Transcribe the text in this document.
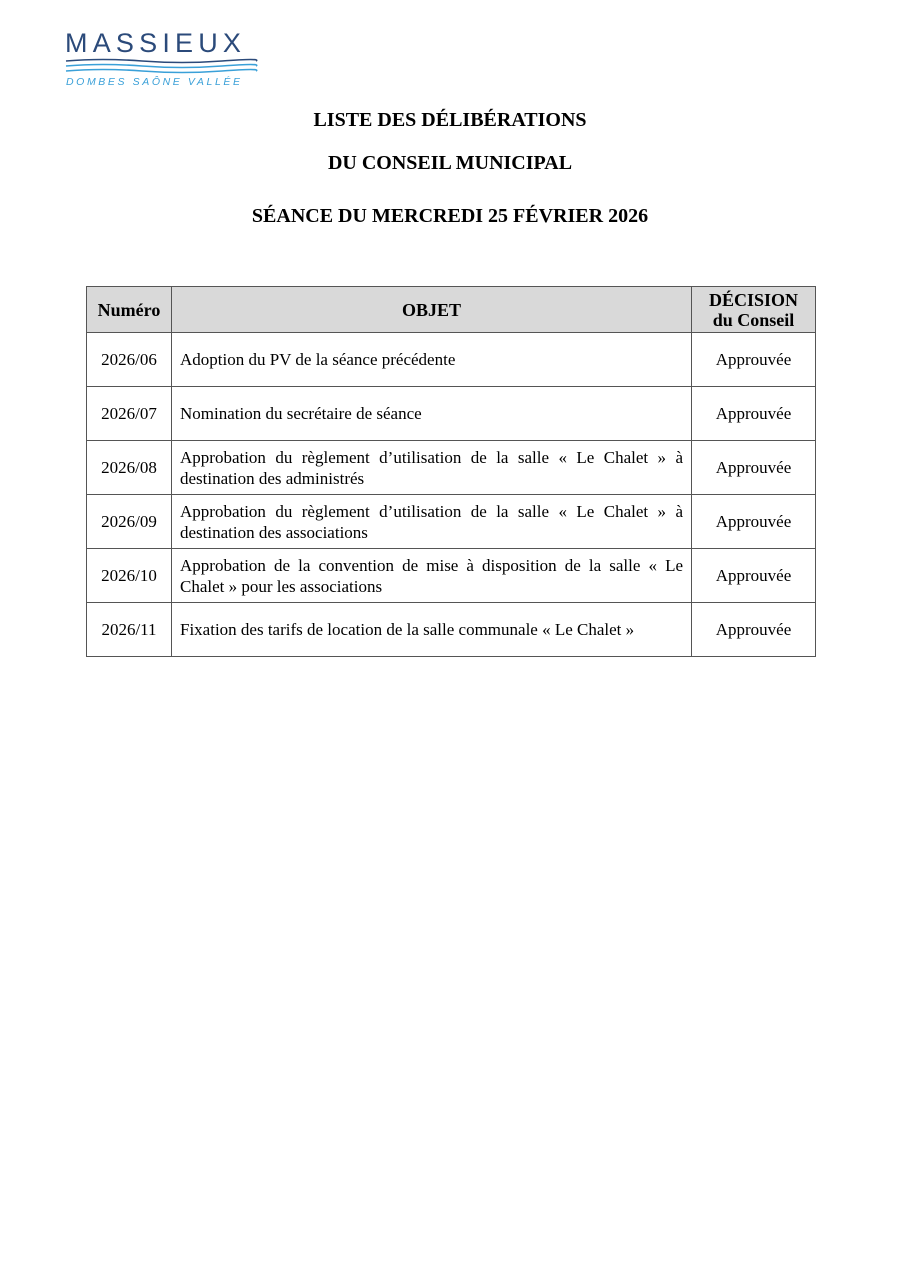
MASSIEUX
DOMBES SAÔNE VALLÉE
LISTE DES DÉLIBÉRATIONS
DU CONSEIL MUNICIPAL
SÉANCE DU MERCREDI 25 FÉVRIER 2026
Numéro	OBJET	DÉCISION
du Conseil
2026/06	Adoption du PV de la séance précédente	Approuvée
2026/07	Nomination du secrétaire de séance	Approuvée
2026/08	Approbation du règlement d’utilisation de la salle « Le Chalet » à destination des administrés	Approuvée
2026/09	Approbation du règlement d’utilisation de la salle « Le Chalet » à destination des associations	Approuvée
2026/10	Approbation de la convention de mise à disposition de la salle « Le Chalet » pour les associations	Approuvée
2026/11	Fixation des tarifs de location de la salle communale « Le Chalet »	Approuvée
